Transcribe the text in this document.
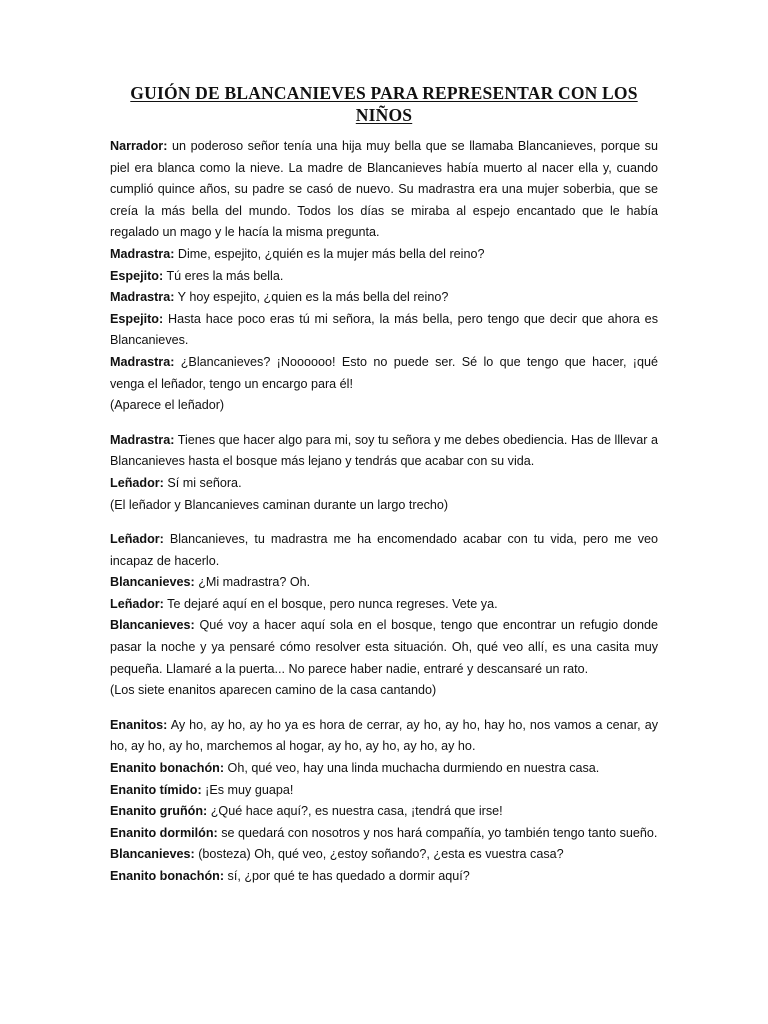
GUIÓN DE BLANCANIEVES PARA REPRESENTAR CON LOS NIÑOS

Narrador: un poderoso señor tenía una hija muy bella que se llamaba Blancanieves, porque su piel era blanca como la nieve. La madre de Blancanieves había muerto al nacer ella y, cuando cumplió quince años, su padre se casó de nuevo. Su madrastra era una mujer soberbia, que se creía la más bella del mundo. Todos los días se miraba al espejo encantado que le había regalado un mago y le hacía la misma pregunta.

Madrastra: Dime, espejito, ¿quién es la mujer más bella del reino?

Espejito: Tú eres la más bella.

Madrastra: Y hoy espejito, ¿quien es la más bella del reino?

Espejito: Hasta hace poco eras tú mi señora, la más bella, pero tengo que decir que ahora es Blancanieves.

Madrastra: ¿Blancanieves? ¡Noooooo! Esto no puede ser. Sé lo que tengo que hacer, ¡qué venga el leñador, tengo un encargo para él!

(Aparece el leñador)

Madrastra: Tienes que hacer algo para mi, soy tu señora y me debes obediencia. Has de lllevar a Blancanieves hasta el bosque más lejano y tendrás que acabar con su vida.

Leñador: Sí mi señora.

(El leñador y Blancanieves caminan durante un largo trecho)

Leñador: Blancanieves, tu madrastra me ha encomendado acabar con tu vida, pero me veo incapaz de hacerlo.

Blancanieves: ¿Mi madrastra? Oh.

Leñador: Te dejaré aquí en el bosque, pero nunca regreses. Vete ya.

Blancanieves: Qué voy a hacer aquí sola en el bosque, tengo que encontrar un refugio donde pasar la noche y ya pensaré cómo resolver esta situación. Oh, qué veo allí, es una casita muy pequeña. Llamaré a la puerta... No parece haber nadie, entraré y descansaré un rato.

(Los siete enanitos aparecen camino de la casa cantando)

Enanitos: Ay ho, ay ho, ay ho ya es hora de cerrar, ay ho, ay ho, hay ho, nos vamos a cenar, ay ho, ay ho, ay ho, marchemos al hogar, ay ho, ay ho, ay ho, ay ho.

Enanito bonachón: Oh, qué veo, hay una linda muchacha durmiendo en nuestra casa.

Enanito tímido: ¡Es muy guapa!

Enanito gruñón: ¿Qué hace aquí?, es nuestra casa, ¡tendrá que irse!

Enanito dormilón: se quedará con nosotros y nos hará compañía, yo también tengo tanto sueño.

Blancanieves: (bosteza) Oh, qué veo, ¿estoy soñando?, ¿esta es vuestra casa?

Enanito bonachón: sí, ¿por qué te has quedado a dormir aquí?
